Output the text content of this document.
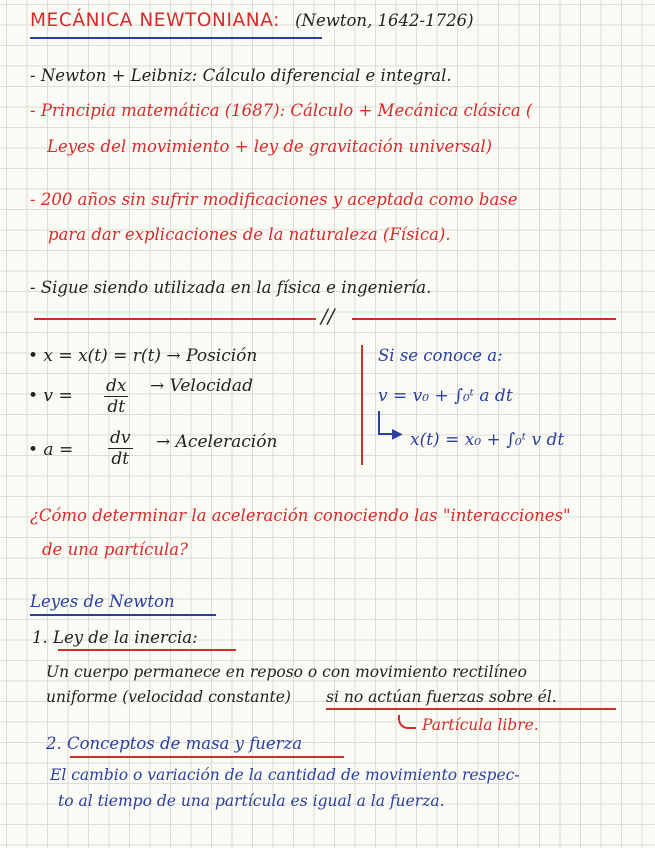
MECÁNICA NEWTONIANA: (Newton, 1642-1726)
- Newton + Leibniz: Cálculo diferencial e integral.
- Principia matemática (1687): Cálculo + Mecánica clásica (
Leyes del movimiento + ley de gravitación universal)
- 200 años sin sufrir modificaciones y aceptada como base
para dar explicaciones de la naturaleza (Física).
- Sigue siendo utilizada en la física e ingeniería.
//
• x = x(t) = r(t) → Posición
• $v = \frac{dx}{dt}$ → Velocidad
• $a = \frac{dv}{dt}$ → Aceleración
Si se conoce a:
v = v₀ + ∫₀ᵗ a dt
▶ x(t) = x₀ + ∫₀ᵗ v dt
¿Cómo determinar la aceleración conociendo las "interacciones"
de una partícula?
Leyes de Newton
1. Ley de la inercia:
Un cuerpo permanece en reposo o con movimiento rectilíneo
uniforme (velocidad constante) si no actúan fuerzas sobre él.
Partícula libre.
2. Conceptos de masa y fuerza
El cambio o variación de la cantidad de movimiento respec-
to al tiempo de una partícula es igual a la fuerza.
